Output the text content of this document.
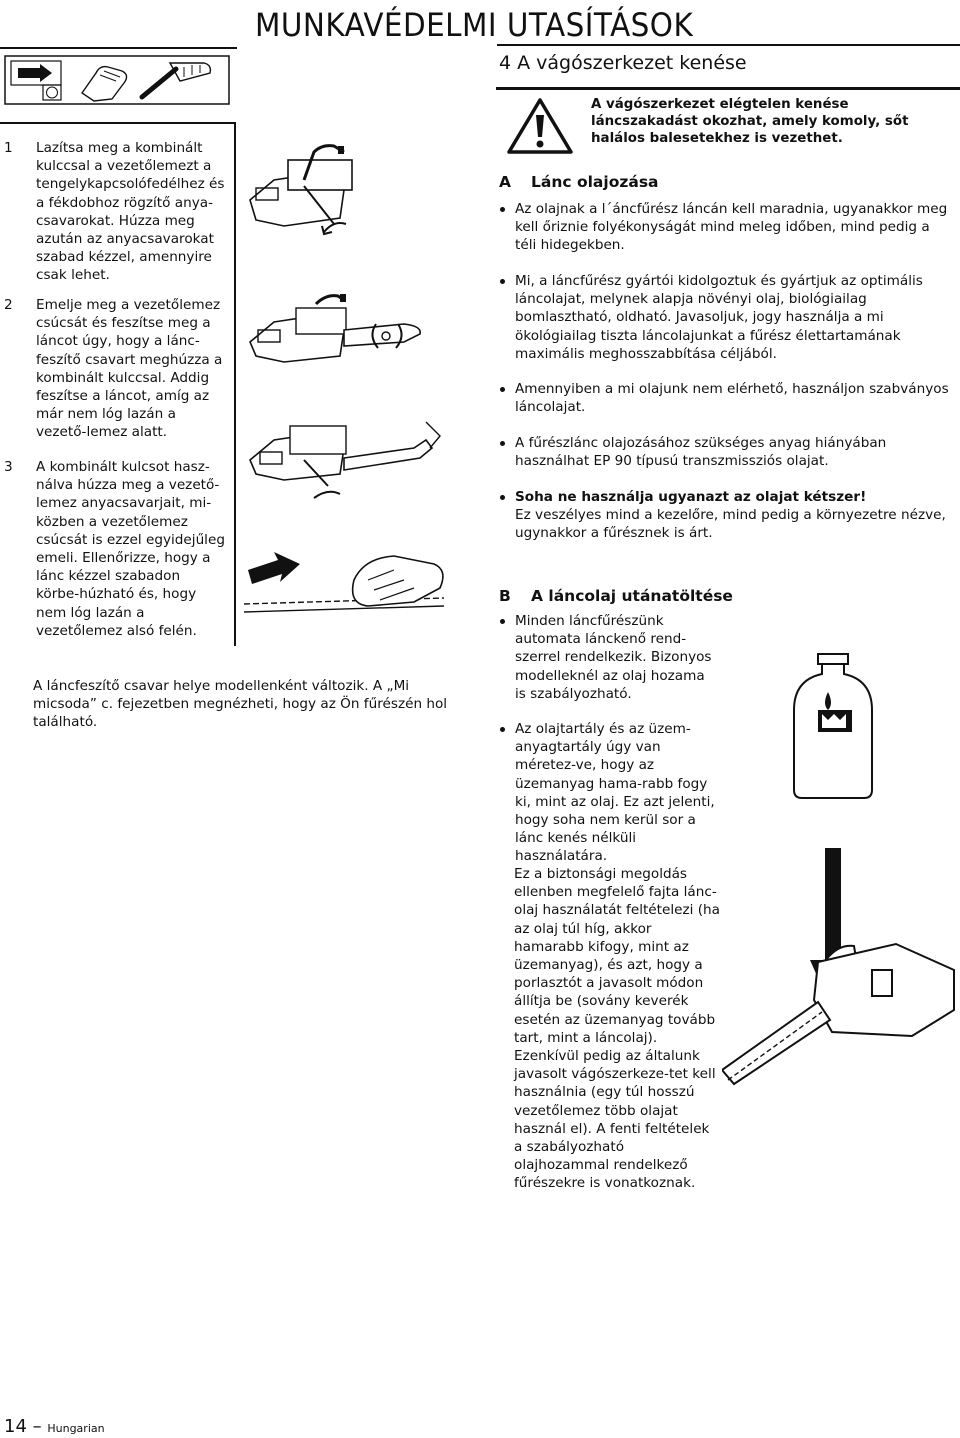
MUNKAVÉDELMI UTASÍTÁSOK
4 A vágószerkezet kenése
1 Lazítsa meg a kombinált kulccsal a vezetőlemezt a tengelykapcsolófedélhez és a fékdobhoz rögzítő anya-csavarokat. Húzza meg azután az anyacsavarokat szabad kézzel, amennyire csak lehet.
2 Emelje meg a vezetőlemez csúcsát és feszítse meg a láncot úgy, hogy a lánc-feszítő csavart meghúzza a kombinált kulccsal. Addig feszítse a láncot, amíg az már nem lóg lazán a vezető-lemez alatt.
3 A kombinált kulcsot hasz-nálva húzza meg a vezető-lemez anyacsavarjait, mi-közben a vezetőlemez csúcsát is ezzel egyidejűleg emeli. Ellenőrizze, hogy a lánc kézzel szabadon körbe-húzható és, hogy nem lóg lazán a vezetőlemez alsó felén.
A láncfeszítő csavar helye modellenként változik. A „Mi micsoda” c. fejezetben megnézheti, hogy az Ön fűrészén hol található.
A vágószerkezet elégtelen kenése láncszakadást okozhat, amely komoly, sőt halálos balesetekhez is vezethet.
A Lánc olajozása
Az olajnak a l´áncfűrész láncán kell maradnia, ugyanakkor meg kell őriznie folyékonyságát mind meleg időben, mind pedig a téli hidegekben.
Mi, a láncfűrész gyártói kidolgoztuk és gyártjuk az optimális láncolajat, melynek alapja növényi olaj, biológiailag bomlasztható, oldható. Javasoljuk, jogy használja a mi ökológiailag tiszta láncolajunkat a fűrész élettartamának maximális meghosszabbítása céljából.
Amennyiben a mi olajunk nem elérhető, használjon szabványos láncolajat.
A fűrészlánc olajozásához szükséges anyag hiányában használhat EP 90 típusú transzmissziós olajat.
Soha ne használja ugyanazt az olajat kétszer!
Ez veszélyes mind a kezelőre, mind pedig a környezetre nézve, ugynakkor a fűrésznek is árt.
B A láncolaj utánatöltése
Minden láncfűrészünk automata lánckenő rend-szerrel rendelkezik. Bizonyos modelleknél az olaj hozama is szabályozható.
Az olajtartály és az üzem-anyagtartály úgy van méretez-ve, hogy az üzemanyag hama-rabb fogy ki, mint az olaj. Ez azt jelenti, hogy soha nem kerül sor a lánc kenés nélküli használatára.
Ez a biztonsági megoldás ellenben megfelelő fajta lánc-olaj használatát feltételezi (ha az olaj túl híg, akkor hamarabb kifogy, mint az üzemanyag), és azt, hogy a porlasztót a javasolt módon állítja be (sovány keverék esetén az üzemanyag tovább tart, mint a láncolaj). Ezenkívül pedig az általunk javasolt vágószerkeze-tet kell használnia (egy túl hosszú vezetőlemez több olajat használ el). A fenti feltételek a szabályozható olajhozammal rendelkező fűrészekre is vonatkoznak.
14 – Hungarian
